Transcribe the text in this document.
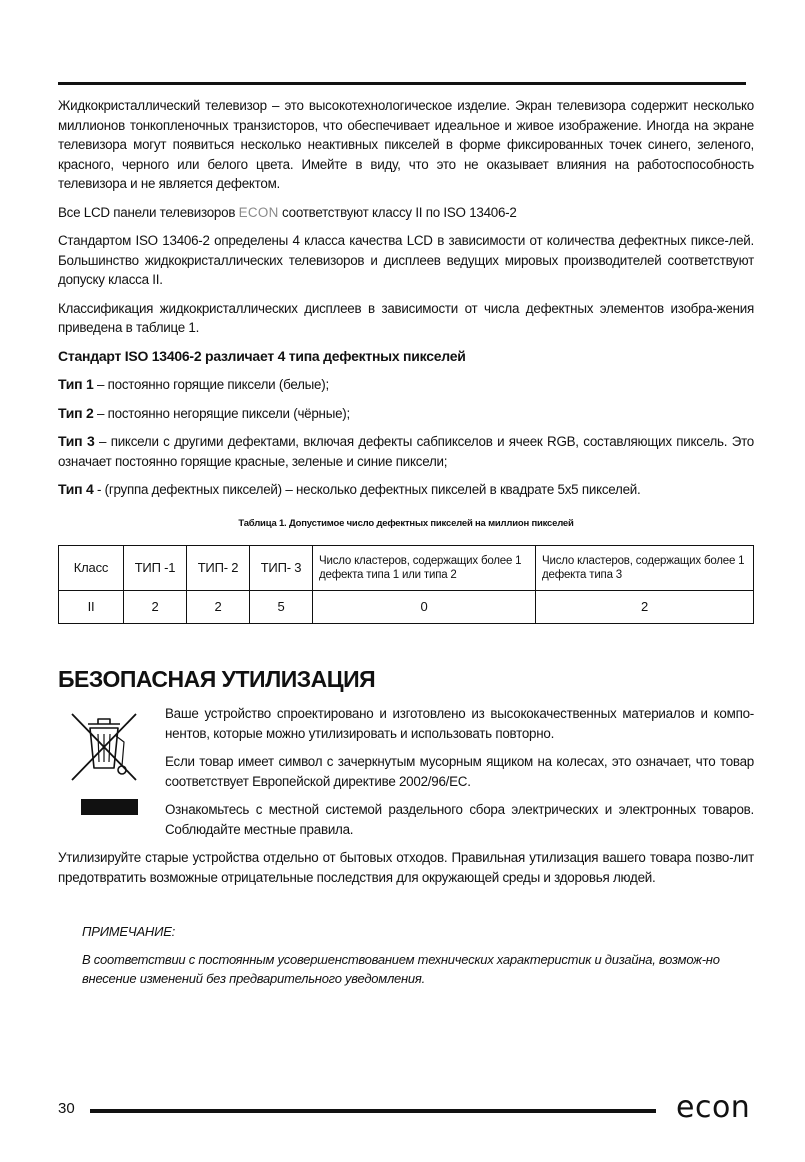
Жидкокристаллический телевизор – это высокотехнологическое изделие. Экран телевизора содержит несколько миллионов тонкопленочных транзисторов, что обеспечивает идеальное и живое изображение. Иногда на экране телевизора могут появиться несколько неактивных пикселей в форме фиксированных точек синего, зеленого, красного, черного или белого цвета. Имейте в виду, что это не оказывает влияния на работоспособность телевизора и не является дефектом.

Все LCD панели телевизоров ECON соответствуют классу II по ISO 13406-2

Стандартом ISO 13406-2 определены 4 класса качества LCD в зависимости от количества дефектных пиксе-лей. Большинство жидкокристаллических телевизоров и дисплеев ведущих мировых производителей соответствуют допуску класса II.

Классификация жидкокристаллических дисплеев в зависимости от числа дефектных элементов изобра-жения приведена в таблице 1.

Стандарт ISO 13406-2 различает 4 типа дефектных пикселей
Тип 1 – постоянно горящие пиксели (белые);
Тип 2 – постоянно негорящие пиксели (чёрные);
Тип 3 – пиксели с другими дефектами, включая дефекты сабпикселов и ячеек RGB, составляющих пиксель. Это означает постоянно горящие красные, зеленые и синие пиксели;
Тип 4 - (группа дефектных пикселей) – несколько дефектных пикселей в квадрате 5х5 пикселей.
Таблица 1. Допустимое число дефектных пикселей на миллион пикселей
Класс	ТИП -1	ТИП- 2	ТИП- 3	Число кластеров, содержащих более 1 дефекта типа 1 или типа 2	Число кластеров, содержащих более 1 дефекта типа 3
II	2	2	5	0	2
БЕЗОПАСНАЯ УТИЛИЗАЦИЯ

Ваше устройство спроектировано и изготовлено из высококачественных материалов и компо-нентов, которые можно утилизировать и использовать повторно.

Если товар имеет символ с зачеркнутым мусорным ящиком на колесах, это означает, что товар соответствует Европейской директиве 2002/96/ЕС.

Ознакомьтесь с местной системой раздельного сбора электрических и электронных товаров. Соблюдайте местные правила.

Утилизируйте старые устройства отдельно от бытовых отходов. Правильная утилизация вашего товара позво-лит предотвратить возможные отрицательные последствия для окружающей среды и здоровья людей.

ПРИМЕЧАНИЕ:

В соответствии с постоянным усовершенствованием технических характеристик и дизайна, возмож-но внесение изменений без предварительного уведомления.

30	econ
